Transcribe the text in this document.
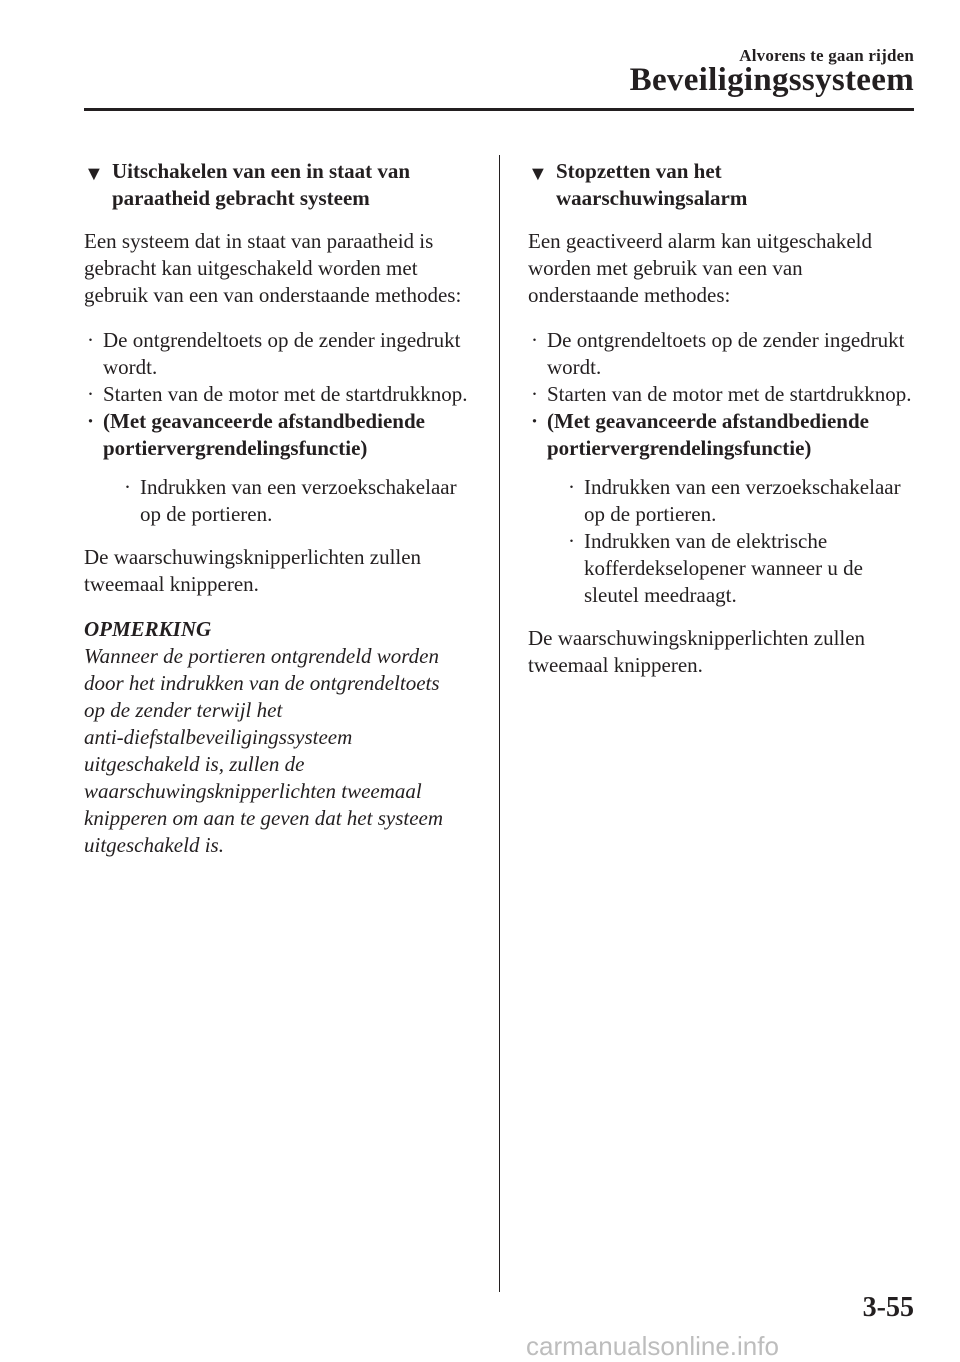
Alvorens te gaan rijden
Beveiligingssysteem
▼ Uitschakelen van een in staat van
paraatheid gebracht systeem

Een systeem dat in staat van paraatheid is gebracht kan uitgeschakeld worden met gebruik van een van onderstaande methodes:

· De ontgrendeltoets op de zender ingedrukt wordt.
· Starten van de motor met de startdrukknop.
· (Met geavanceerde afstandbediende portiervergrendelingsfunctie)
· Indrukken van een verzoekschakelaar op de portieren.

De waarschuwingsknipperlichten zullen tweemaal knipperen.

OPMERKING

Wanneer de portieren ontgrendeld worden
door het indrukken van de ontgrendeltoets
op de zender terwijl het
anti-diefstalbeveiligingssysteem
uitgeschakeld is, zullen de
waarschuwingsknipperlichten tweemaal
knipperen om aan te geven dat het systeem
uitgeschakeld is.
▼ Stopzetten van het
waarschuwingsalarm

Een geactiveerd alarm kan uitgeschakeld worden met gebruik van een van onderstaande methodes:

· De ontgrendeltoets op de zender ingedrukt wordt.
· Starten van de motor met de startdrukknop.
· (Met geavanceerde afstandbediende portiervergrendelingsfunctie)
· Indrukken van een verzoekschakelaar op de portieren.
· Indrukken van de elektrische kofferdekselopener wanneer u de sleutel meedraagt.

De waarschuwingsknipperlichten zullen tweemaal knipperen.

3-55
carmanualsonline.info
